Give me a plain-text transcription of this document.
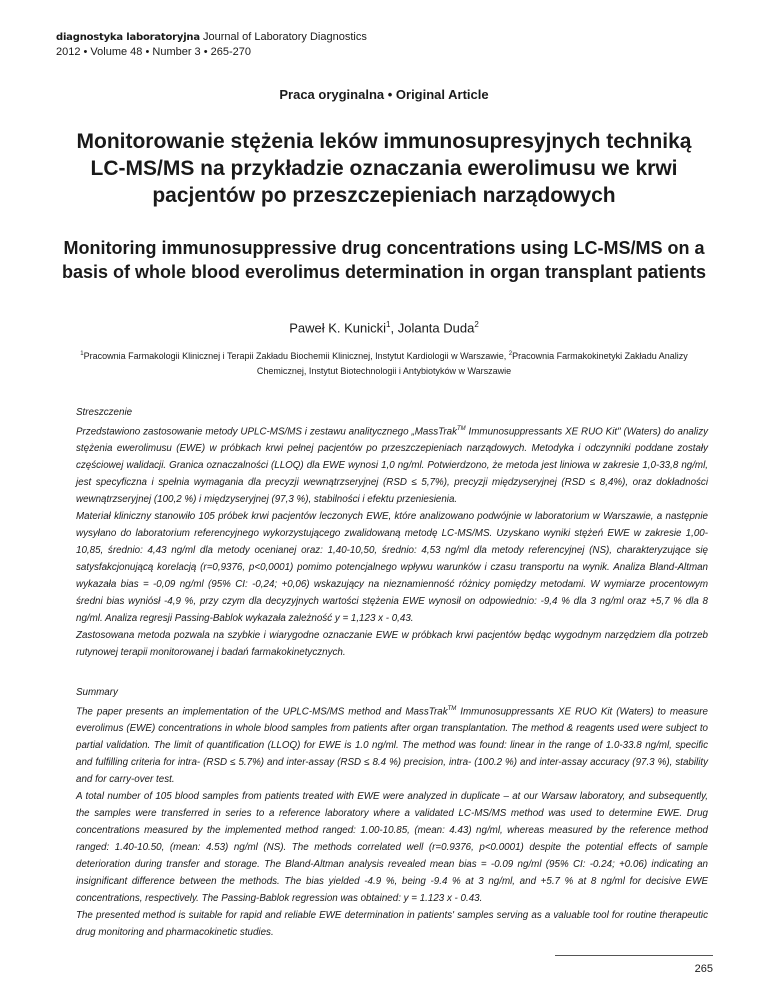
diagnostyka laboratoryjna Journal of Laboratory Diagnostics
2012 • Volume 48 • Number 3 • 265-270
Praca oryginalna • Original Article
Monitorowanie stężenia leków immunosupresyjnych techniką LC-MS/MS na przykładzie oznaczania ewerolimusu we krwi pacjentów po przeszczepieniach narządowych
Monitoring immunosuppressive drug concentrations using LC-MS/MS on a basis of whole blood everolimus determination in organ transplant patients
Paweł K. Kunicki$^1$, Jolanta Duda$^2$
$^1$Pracownia Farmakologii Klinicznej i Terapii Zakładu Biochemii Klinicznej, Instytut Kardiologii w Warszawie, $^2$Pracownia Farmakokinetyki Zakładu Analizy Chemicznej, Instytut Biotechnologii i Antybiotyków w Warszawie

Streszczenie

Przedstawiono zastosowanie metody UPLC-MS/MS i zestawu analitycznego „MassTrak™ Immunosuppressants XE RUO Kit" (Waters) do analizy stężenia ewerolimusu (EWE) w próbkach krwi pełnej pacjentów po przeszczepieniach narządowych. Metodyka i odczynniki poddane zostały częściowej walidacji. Granica oznaczalności (LLOQ) dla EWE wynosi 1,0 ng/ml. Potwierdzono, że metoda jest liniowa w zakresie 1,0-33,8 ng/ml, jest specyficzna i spełnia wymagania dla precyzji wewnątrzseryjnej (RSD ≤ 5,7%), precyzji międzyseryjnej (RSD ≤ 8,4%), oraz dokładności wewnątrzseryjnej (100,2 %) i międzyseryjnej (97,3 %), stabilności i efektu przeniesienia.

Materiał kliniczny stanowiło 105 próbek krwi pacjentów leczonych EWE, które analizowano podwójnie w laboratorium w Warszawie, a następnie wysyłano do laboratorium referencyjnego wykorzystującego zwalidowaną metodę LC-MS/MS. Uzyskano wyniki stężeń EWE w zakresie 1,00-10,85, średnio: 4,43 ng/ml dla metody ocenianej oraz: 1,40-10,50, średnio: 4,53 ng/ml dla metody referencyjnej (NS), charakteryzujące się satysfakcjonującą korelacją (r=0,9376, p<0,0001) pomimo potencjalnego wpływu warunków i czasu transportu na wynik. Analiza Bland-Altman wykazała bias = -0,09 ng/ml (95% CI: -0,24; +0,06) wskazujący na nieznamienność różnicy pomiędzy metodami. W wymiarze procentowym średni bias wyniósł -4,9 %, przy czym dla decyzyjnych wartości stężenia EWE wynosił on odpowiednio: -9,4 % dla 3 ng/ml oraz +5,7 % dla 8 ng/ml. Analiza regresji Passing-Bablok wykazała zależność y = 1,123 x - 0,43.

Zastosowana metoda pozwala na szybkie i wiarygodne oznaczanie EWE w próbkach krwi pacjentów będąc wygodnym narzędziem dla potrzeb rutynowej terapii monitorowanej i badań farmakokinetycznych.

Summary

The paper presents an implementation of the UPLC-MS/MS method and MassTrak™ Immunosuppressants XE RUO Kit (Waters) to measure everolimus (EWE) concentrations in whole blood samples from patients after organ transplantation. The method & reagents used were subject to partial validation. The limit of quantification (LLOQ) for EWE is 1.0 ng/ml. The method was found: linear in the range of 1.0-33.8 ng/ml, specific and fulfilling criteria for intra- (RSD ≤ 5.7%) and inter-assay (RSD ≤ 8.4 %) precision, intra- (100.2 %) and inter-assay accuracy (97.3 %), stability and for carry-over test.

A total number of 105 blood samples from patients treated with EWE were analyzed in duplicate – at our Warsaw laboratory, and subsequently, the samples were transferred in series to a reference laboratory where a validated LC-MS/MS method was used to determine EWE. Drug concentrations measured by the implemented method ranged: 1.00-10.85, (mean: 4.43) ng/ml, whereas measured by the reference method ranged: 1.40-10.50, (mean: 4.53) ng/ml (NS). The methods correlated well (r=0.9376, p<0.0001) despite the potential effects of sample deterioration during transfer and storage. The Bland-Altman analysis revealed mean bias = -0.09 ng/ml (95% CI: -0.24; +0.06) indicating an insignificant difference between the methods. The bias yielded -4.9 %, being -9.4 % at 3 ng/ml, and +5.7 % at 8 ng/ml for decisive EWE concentrations, respectively. The Passing-Bablok regression was obtained: y = 1.123 x - 0.43.

The presented method is suitable for rapid and reliable EWE determination in patients' samples serving as a valuable tool for routine therapeutic drug monitoring and pharmacokinetic studies.

265
